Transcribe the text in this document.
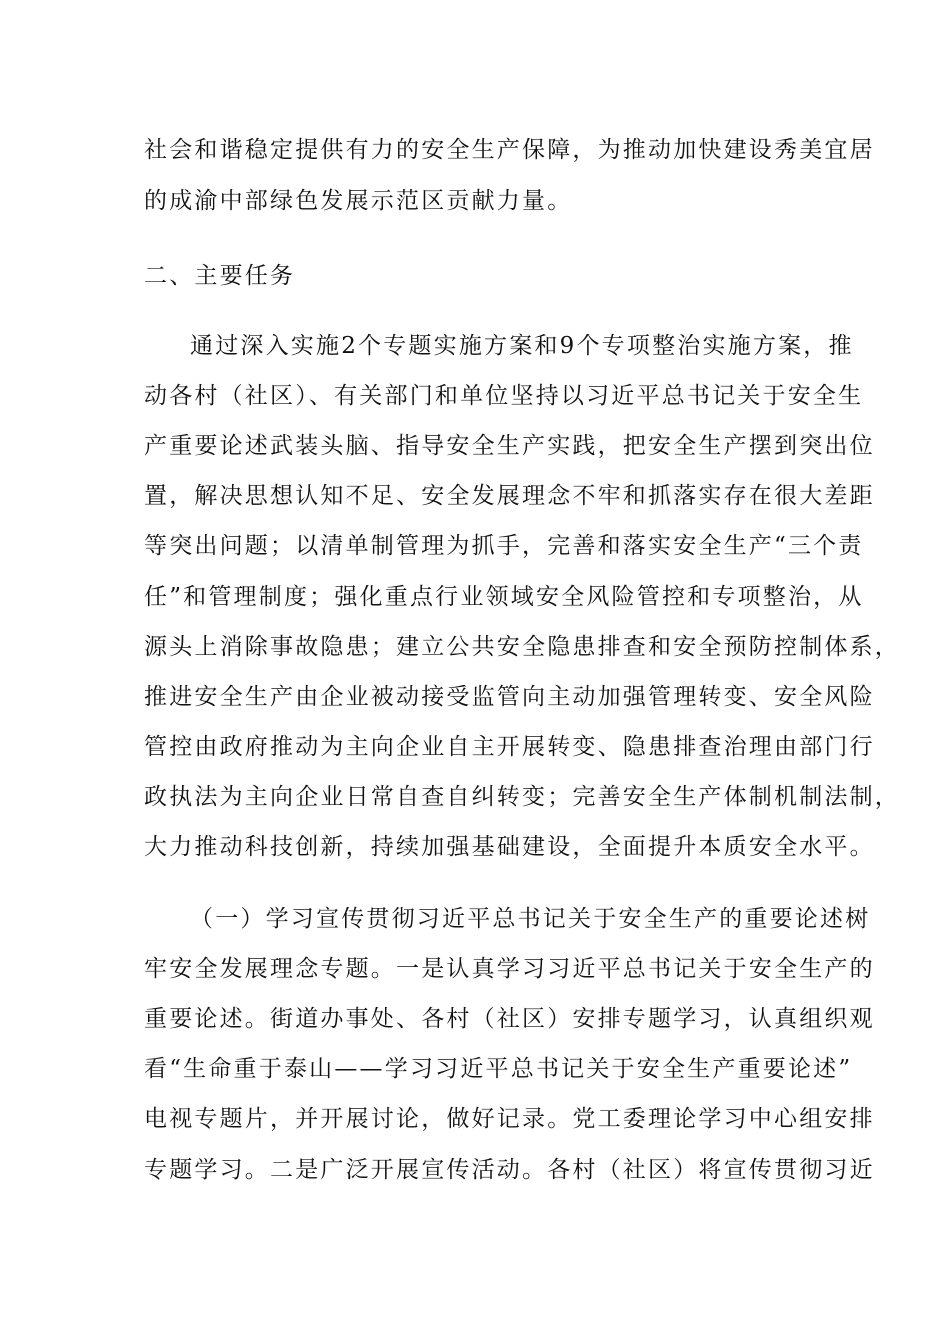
社会和谐稳定提供有力的安全生产保障，为推动加快建设秀美宜居
的成渝中部绿色发展示范区贡献力量。
二、主要任务
通过深入实施2个专题实施方案和9个专项整治实施方案，推
动各村（社区）、有关部门和单位坚持以习近平总书记关于安全生
产重要论述武装头脑、指导安全生产实践，把安全生产摆到突出位
置，解决思想认知不足、安全发展理念不牢和抓落实存在很大差距
等突出问题；以清单制管理为抓手，完善和落实安全生产“三个责
任”和管理制度；强化重点行业领域安全风险管控和专项整治，从
源头上消除事故隐患；建立公共安全隐患排查和安全预防控制体系，
推进安全生产由企业被动接受监管向主动加强管理转变、安全风险
管控由政府推动为主向企业自主开展转变、隐患排查治理由部门行
政执法为主向企业日常自查自纠转变；完善安全生产体制机制法制，
大力推动科技创新，持续加强基础建设，全面提升本质安全水平。
（一）学习宣传贯彻习近平总书记关于安全生产的重要论述树
牢安全发展理念专题。一是认真学习习近平总书记关于安全生产的
重要论述。街道办事处、各村（社区）安排专题学习，认真组织观
看“生命重于泰山——学习习近平总书记关于安全生产重要论述”
电视专题片，并开展讨论，做好记录。党工委理论学习中心组安排
专题学习。二是广泛开展宣传活动。各村（社区）将宣传贯彻习近
